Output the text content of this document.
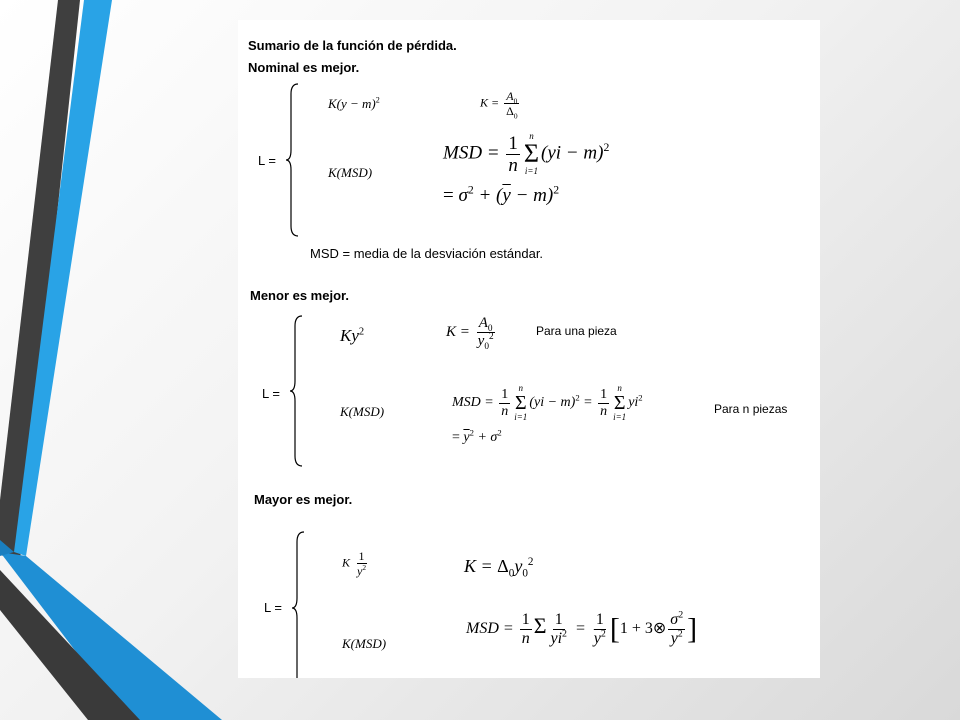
Sumario de la función de pérdida.
Nominal es mejor.
L =
$K(y - m)^2$	$K = \frac{A_0}{\Delta_0}$
K(MSD)
MSD = $\frac{1}{n}$ n
Σ
i=1
(yi − m)$^2$
= $\sigma^2 + (\overline{y} - m)^2$
MSD = media de la desviación estándar.
Menor es mejor.
L =
$Ky^2$	$K = \frac{A_0}{y_0^2}$	Para una pieza
K(MSD)
MSD = $\frac{1}{n}$ n
Σ
i=1
$(yi - m)^2 = \frac{1}{n}$ n
Σ
i=1
$yi^2$
Para n piezas
= $\overline{y}^2 + \sigma^2$
Mayor es mejor.
L =
K $\frac{1}{y^2}$	$K = \Delta_0y_0^2$
K(MSD)
MSD = $\frac{1}{n}$ Σ $\frac{1}{yi^2} = \frac{1}{\overline{y}^2} [1$ + 3⊗ $\frac{\sigma^2}{\overline{y}^2}$ ]
